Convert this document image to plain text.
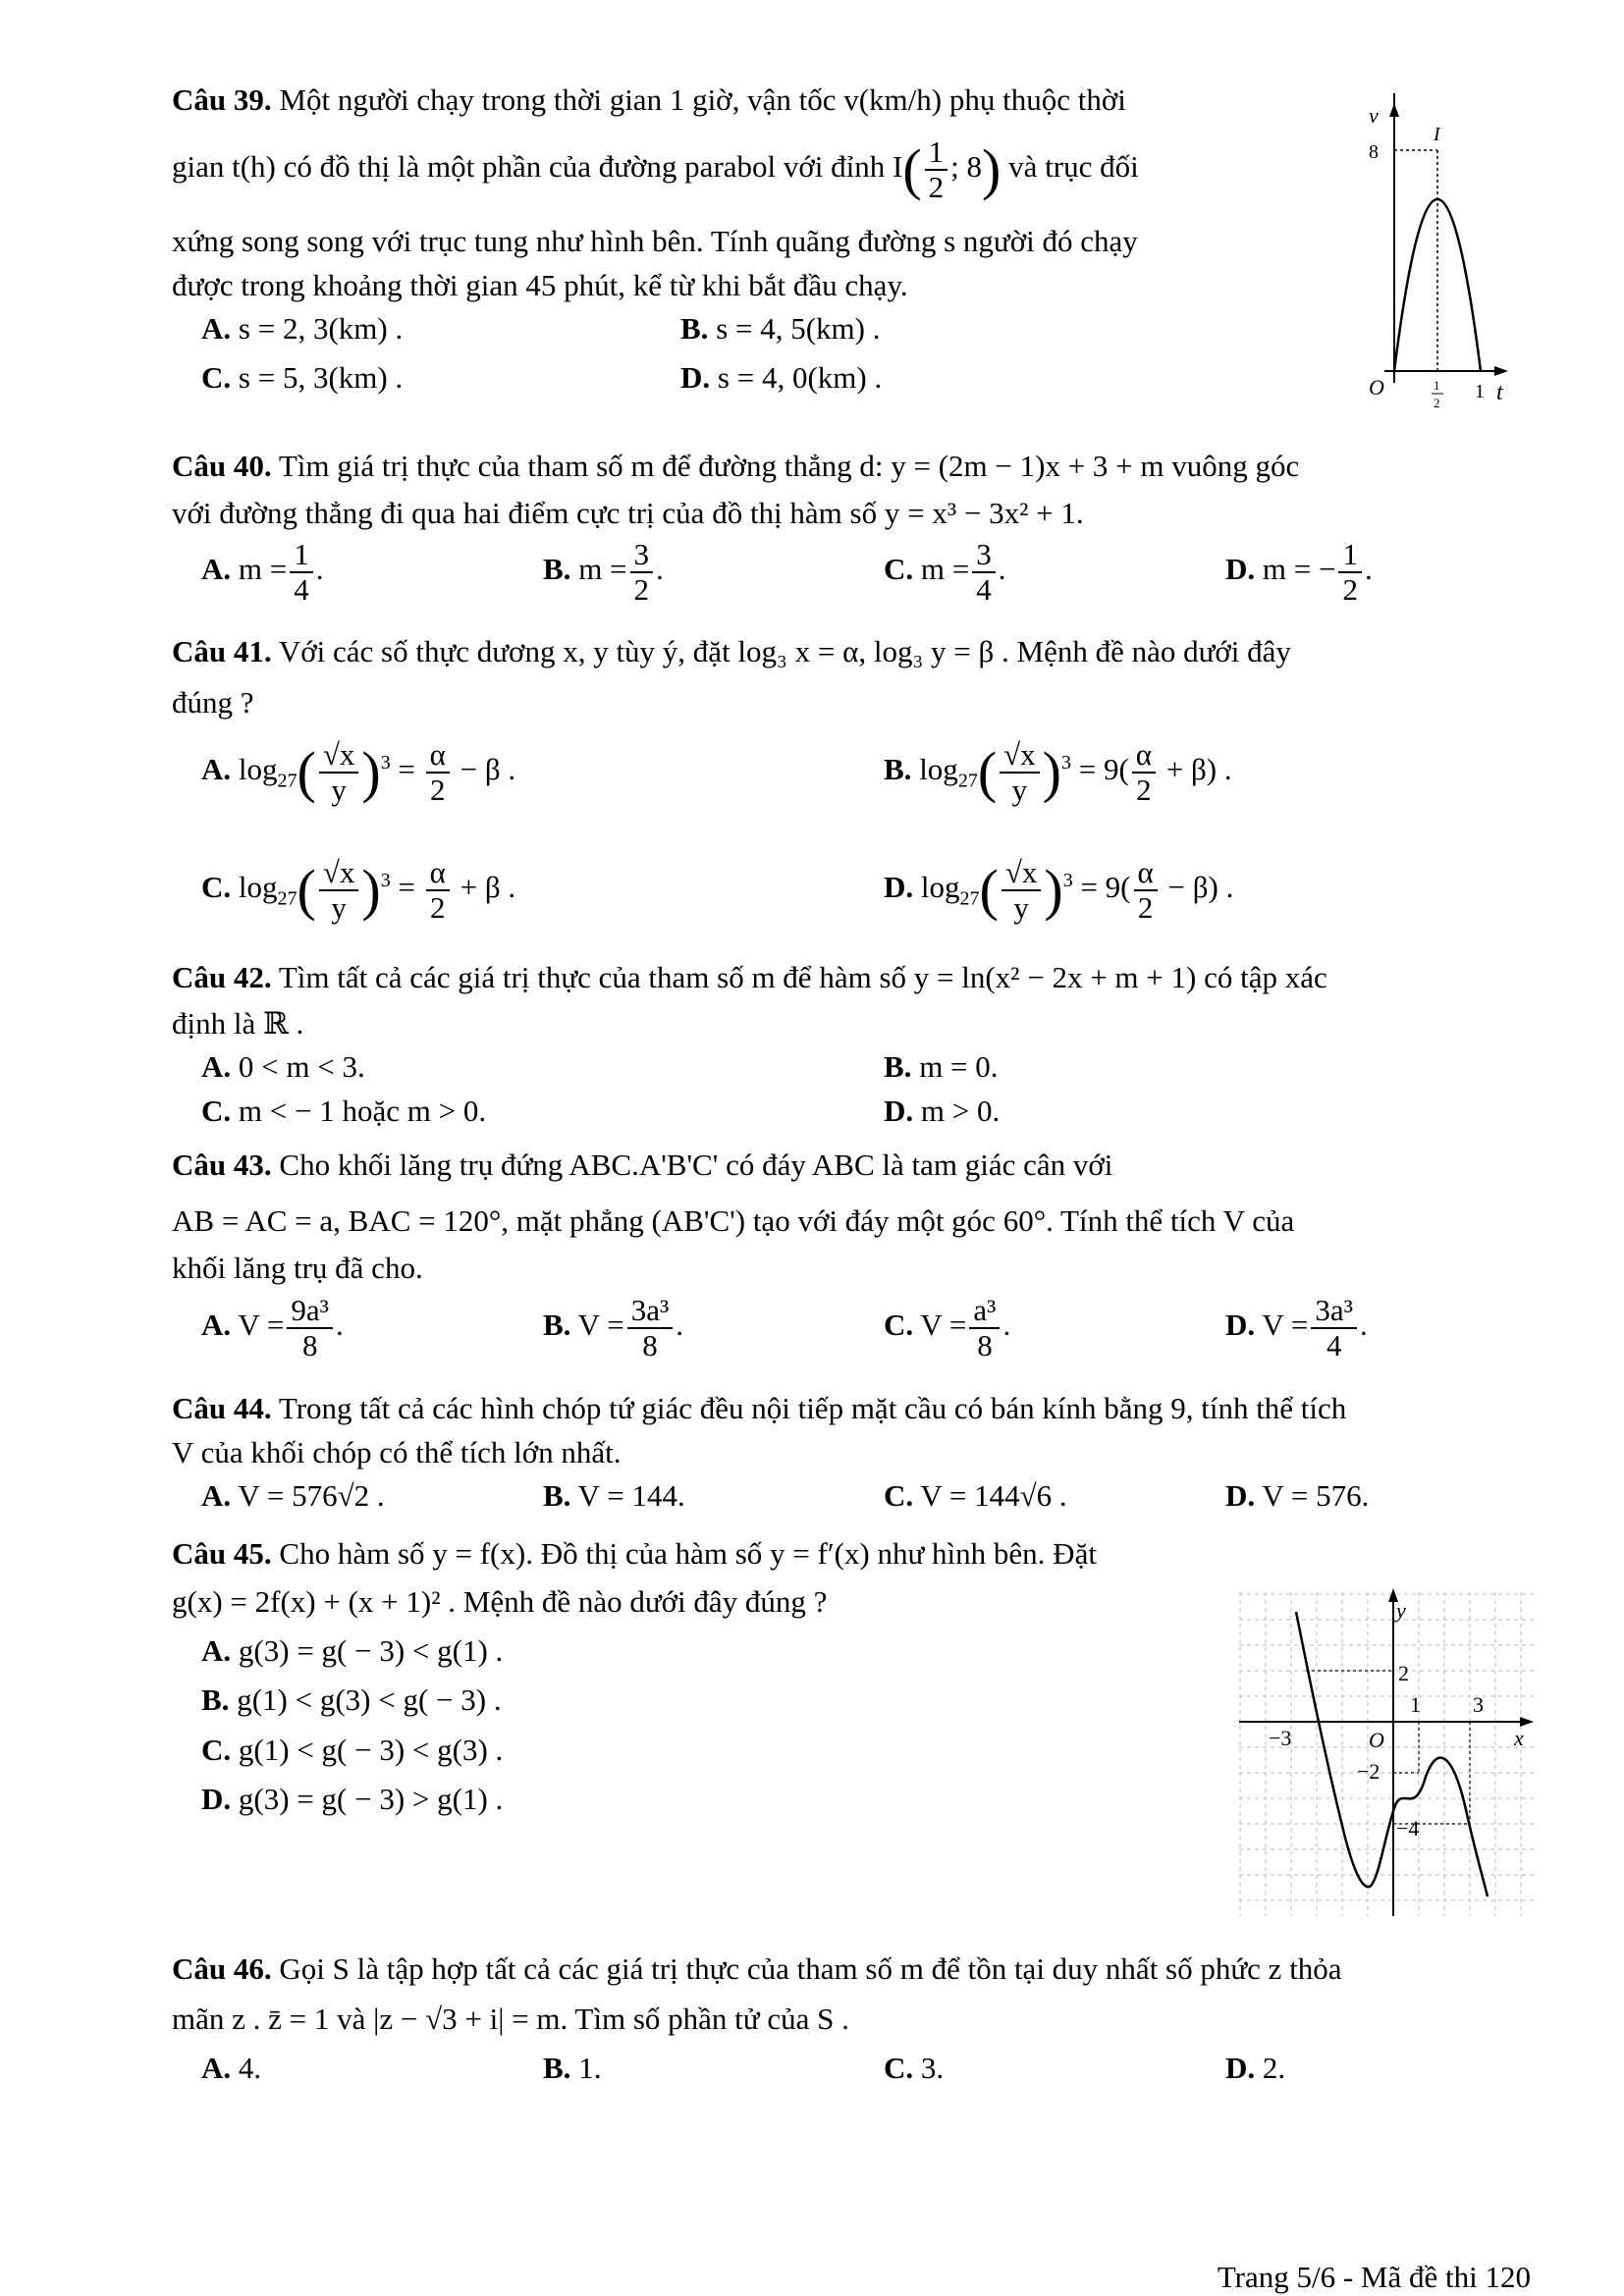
Câu 39. Một người chạy trong thời gian 1 giờ, vận tốc v(km/h) phụ thuộc thời
gian t(h) có đồ thị là một phần của đường parabol với đỉnh $I( \frac{1}{2}$ ; 8) và trục đối
xứng song song với trục tung như hình bên. Tính quãng đường s người đó chạy
được trong khoảng thời gian 45 phút, kể từ khi bắt đầu chạy.
A. s = 2, 3(km) .	B. s = 4, 5(km) .
C. s = 5, 3(km) .	D. s = 4, 0(km) .
v
8
I
O	1
2
1 t
Câu 40. Tìm giá trị thực của tham số m để đường thẳng d: y = (2m − 1)x + 3 + m vuông góc
với đường thẳng đi qua hai điểm cực trị của đồ thị hàm số y = x³ − 3x² + 1.
A. $m = \frac{1}{4}$ .	B. $m = \frac{3}{2}$ .	C. $m = \frac{3}{4}$ .	D. m = − $\frac{1}{2}$ .
Câu 41. Với các số thực dương x, y tùy ý, đặt log₃ x = α, log₃ y = β . Mệnh đề nào dưới đây
đúng ?
A. $\log_{27}( \frac{√x}{y} )^3 = \frac{\alpha}{2} - \beta$ .	B. $\log_{27}( \frac{√x}{y} )^3 = 9( \frac{\alpha}{2} + \beta)$ .
C. $\log_{27}( \frac{√x}{y} )^3 = \frac{\alpha}{2} + \beta$ .	D. $\log_{27}( \frac{√x}{y} )^3 = 9( \frac{\alpha}{2} - \beta)$ .
Câu 42. Tìm tất cả các giá trị thực của tham số m để hàm số y = ln(x² − 2x + m + 1) có tập xác
định là ℝ .
A. 0 < m < 3.	B. m = 0.
C. m < − 1 hoặc m > 0.	D. m > 0.
Câu 43. Cho khối lăng trụ đứng ABC.A'B'C' có đáy ABC là tam giác cân với
AB = AC = a, BAC = 120°, mặt phẳng (AB'C') tạo với đáy một góc 60°. Tính thể tích V của
khối lăng trụ đã cho.
A. $V = \frac{\text{9a³}}{8}$ .	B. $V = \frac{\text{3a³}}{8}$ .	C. $V = \frac{\text{a³}}{8}$ .	D. $V = \frac{\text{3a³}}{4}$ .
Câu 44. Trong tất cả các hình chóp tứ giác đều nội tiếp mặt cầu có bán kính bằng 9, tính thể tích
V của khối chóp có thể tích lớn nhất.
A. V = 576√2 .	B. V = 144.	C. V = 144√6 .	D. V = 576.
Câu 45. Cho hàm số y = f(x). Đồ thị của hàm số y = f′(x) như hình bên. Đặt
g(x) = 2f(x) + (x + 1)² . Mệnh đề nào dưới đây đúng ?
A. g(3) = g( − 3) < g(1) .
B. g(1) < g(3) < g( − 3) .
C. g(1) < g( − 3) < g(3) .
D. g(3) = g( − 3) > g(1) .
y
2
1 3
−3	O	x
−2
−4
Câu 46. Gọi S là tập hợp tất cả các giá trị thực của tham số m để tồn tại duy nhất số phức z thỏa
mãn z . z̄ = 1 và |z − √3 + i| = m. Tìm số phần tử của S .
A. 4.	B. 1.	C. 3.	D. 2.
Trang 5/6 - Mã đề thi 120
